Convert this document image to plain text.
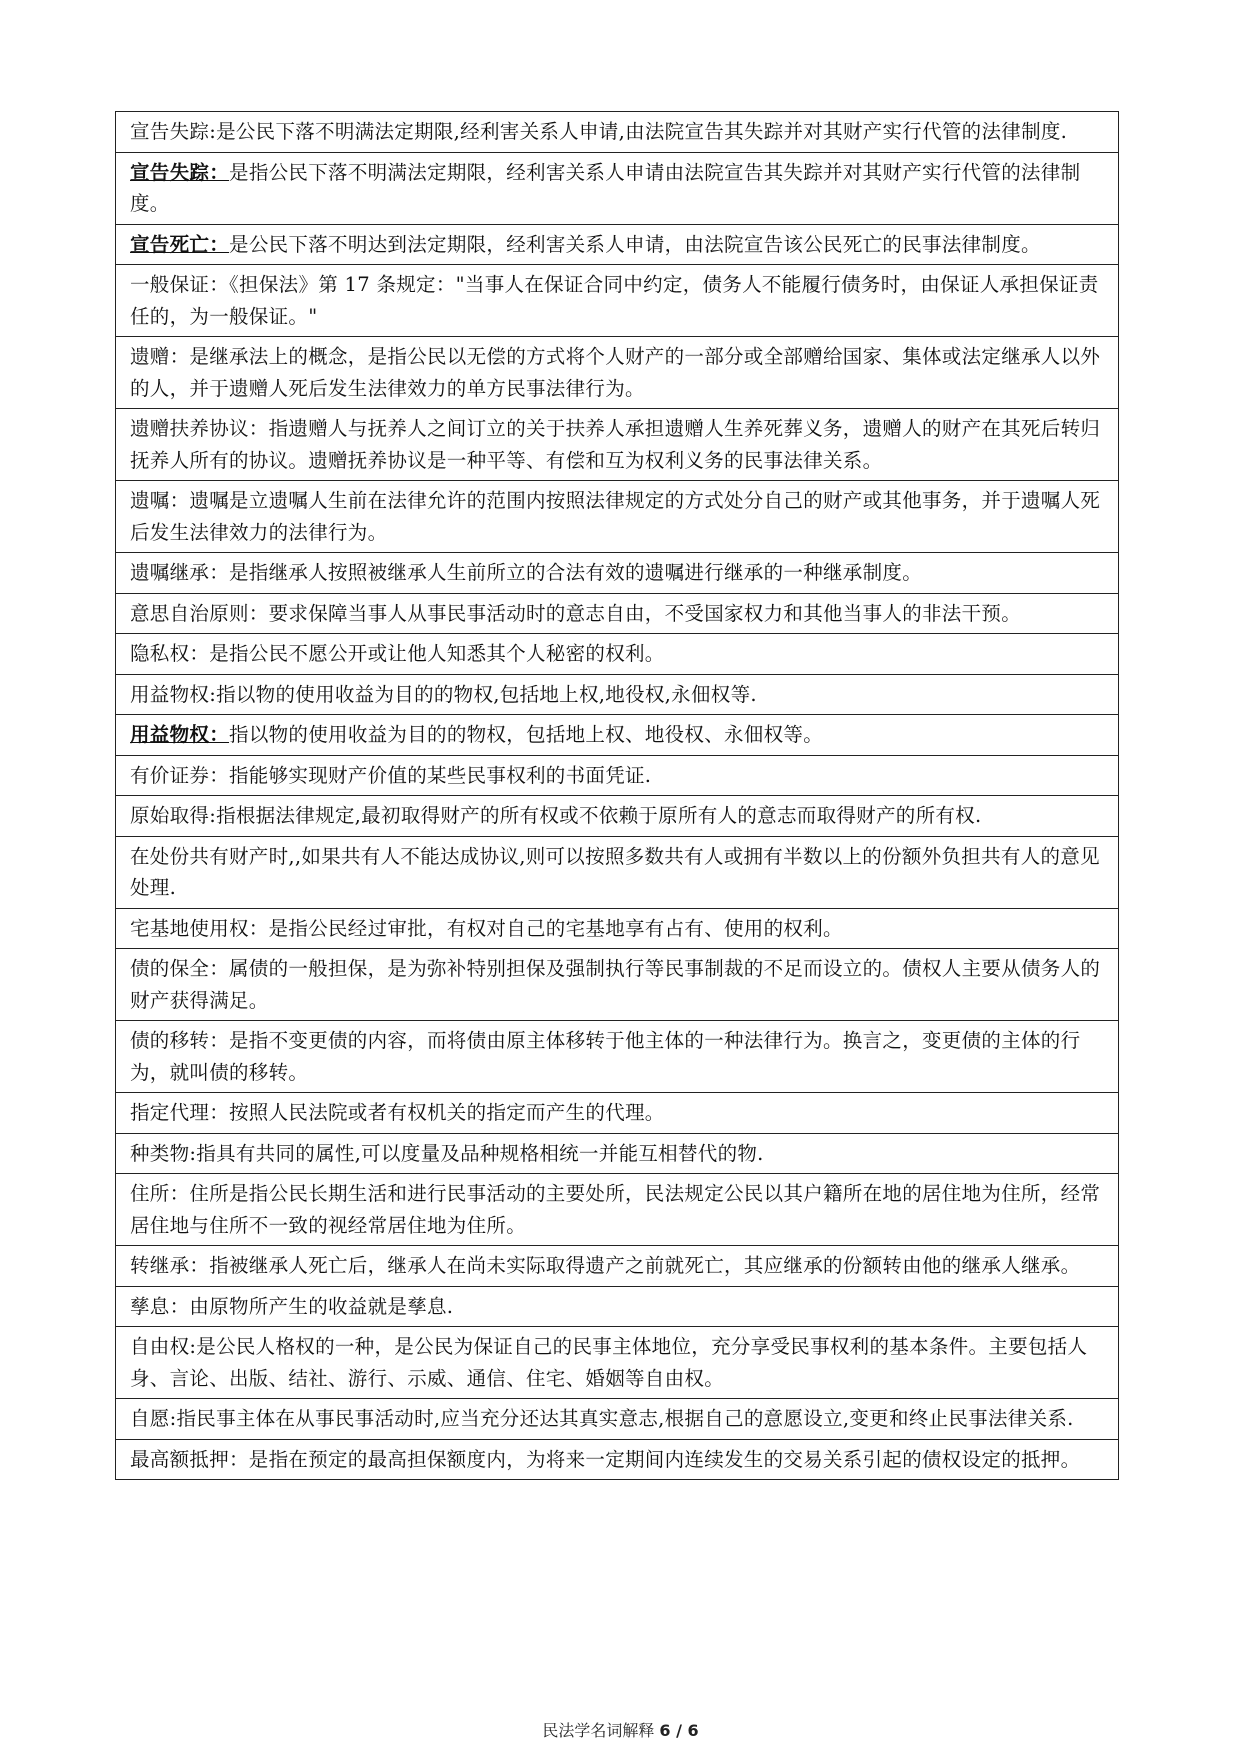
宣告失踪:是公民下落不明满法定期限,经利害关系人申请,由法院宣告其失踪并对其财产实行代管的法律制度.
宣告失踪：是指公民下落不明满法定期限，经利害关系人申请由法院宣告其失踪并对其财产实行代管的法律制度。
宣告死亡：是公民下落不明达到法定期限，经利害关系人申请，由法院宣告该公民死亡的民事法律制度。
一般保证：《担保法》第 17 条规定："当事人在保证合同中约定，债务人不能履行债务时，由保证人承担保证责任的，为一般保证。"
遗赠：是继承法上的概念，是指公民以无偿的方式将个人财产的一部分或全部赠给国家、集体或法定继承人以外的人，并于遗赠人死后发生法律效力的单方民事法律行为。
遗赠扶养协议：指遗赠人与抚养人之间订立的关于扶养人承担遗赠人生养死葬义务，遗赠人的财产在其死后转归抚养人所有的协议。遗赠抚养协议是一种平等、有偿和互为权利义务的民事法律关系。
遗嘱：遗嘱是立遗嘱人生前在法律允许的范围内按照法律规定的方式处分自己的财产或其他事务，并于遗嘱人死后发生法律效力的法律行为。
遗嘱继承：是指继承人按照被继承人生前所立的合法有效的遗嘱进行继承的一种继承制度。
意思自治原则：要求保障当事人从事民事活动时的意志自由，不受国家权力和其他当事人的非法干预。
隐私权：是指公民不愿公开或让他人知悉其个人秘密的权利。
用益物权:指以物的使用收益为目的的物权,包括地上权,地役权,永佃权等.
用益物权：指以物的使用收益为目的的物权，包括地上权、地役权、永佃权等。
有价证券：指能够实现财产价值的某些民事权利的书面凭证.
原始取得:指根据法律规定,最初取得财产的所有权或不依赖于原所有人的意志而取得财产的所有权.
在处份共有财产时,,如果共有人不能达成协议,则可以按照多数共有人或拥有半数以上的份额外负担共有人的意见处理.
宅基地使用权：是指公民经过审批，有权对自己的宅基地享有占有、使用的权利。
债的保全：属债的一般担保，是为弥补特别担保及强制执行等民事制裁的不足而设立的。债权人主要从债务人的财产获得满足。
债的移转：是指不变更债的内容，而将债由原主体移转于他主体的一种法律行为。换言之，变更债的主体的行为，就叫债的移转。
指定代理：按照人民法院或者有权机关的指定而产生的代理。
种类物:指具有共同的属性,可以度量及品种规格相统一并能互相替代的物.
住所：住所是指公民长期生活和进行民事活动的主要处所，民法规定公民以其户籍所在地的居住地为住所，经常居住地与住所不一致的视经常居住地为住所。
转继承：指被继承人死亡后，继承人在尚未实际取得遗产之前就死亡，其应继承的份额转由他的继承人继承。
孳息：由原物所产生的收益就是孳息.
自由权:是公民人格权的一种，是公民为保证自己的民事主体地位，充分享受民事权利的基本条件。主要包括人身、言论、出版、结社、游行、示威、通信、住宅、婚姻等自由权。
自愿:指民事主体在从事民事活动时,应当充分还达其真实意志,根据自己的意愿设立,变更和终止民事法律关系.
最高额抵押：是指在预定的最高担保额度内，为将来一定期间内连续发生的交易关系引起的债权设定的抵押。
民法学名词解释 6 / 6
